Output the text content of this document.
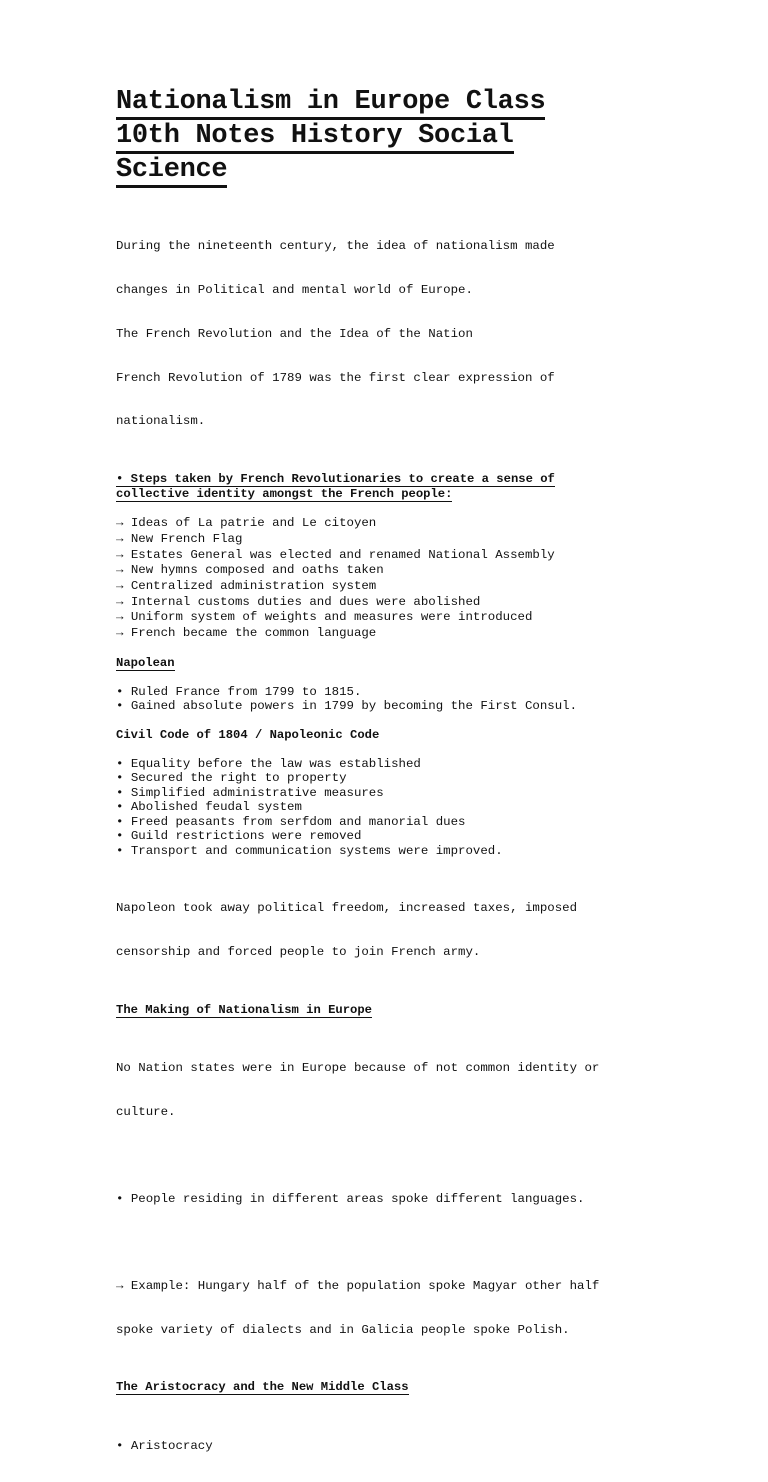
Nationalism in Europe Class
10th Notes History Social
Science

During the nineteenth century, the idea of nationalism made

changes in Political and mental world of Europe.

The French Revolution and the Idea of the Nation

French Revolution of 1789 was the first clear expression of

nationalism.

• Steps taken by French Revolutionaries to create a sense of
collective identity amongst the French people:
→ Ideas of La patrie and Le citoyen
→ New French Flag
→ Estates General was elected and renamed National Assembly
→ New hymns composed and oaths taken
→ Centralized administration system
→ Internal customs duties and dues were abolished
→ Uniform system of weights and measures were introduced
→ French became the common language
Napolean
• Ruled France from 1799 to 1815.
• Gained absolute powers in 1799 by becoming the First Consul.
Civil Code of 1804 / Napoleonic Code
• Equality before the law was established
• Secured the right to property
• Simplified administrative measures
• Abolished feudal system
• Freed peasants from serfdom and manorial dues
• Guild restrictions were removed
• Transport and communication systems were improved.

Napoleon took away political freedom, increased taxes, imposed

censorship and forced people to join French army.

The Making of Nationalism in Europe

No Nation states were in Europe because of not common identity or

culture.

• People residing in different areas spoke different languages.

→ Example: Hungary half of the population spoke Magyar other half

spoke variety of dialects and in Galicia people spoke Polish.

The Aristocracy and the New Middle Class

• Aristocracy
